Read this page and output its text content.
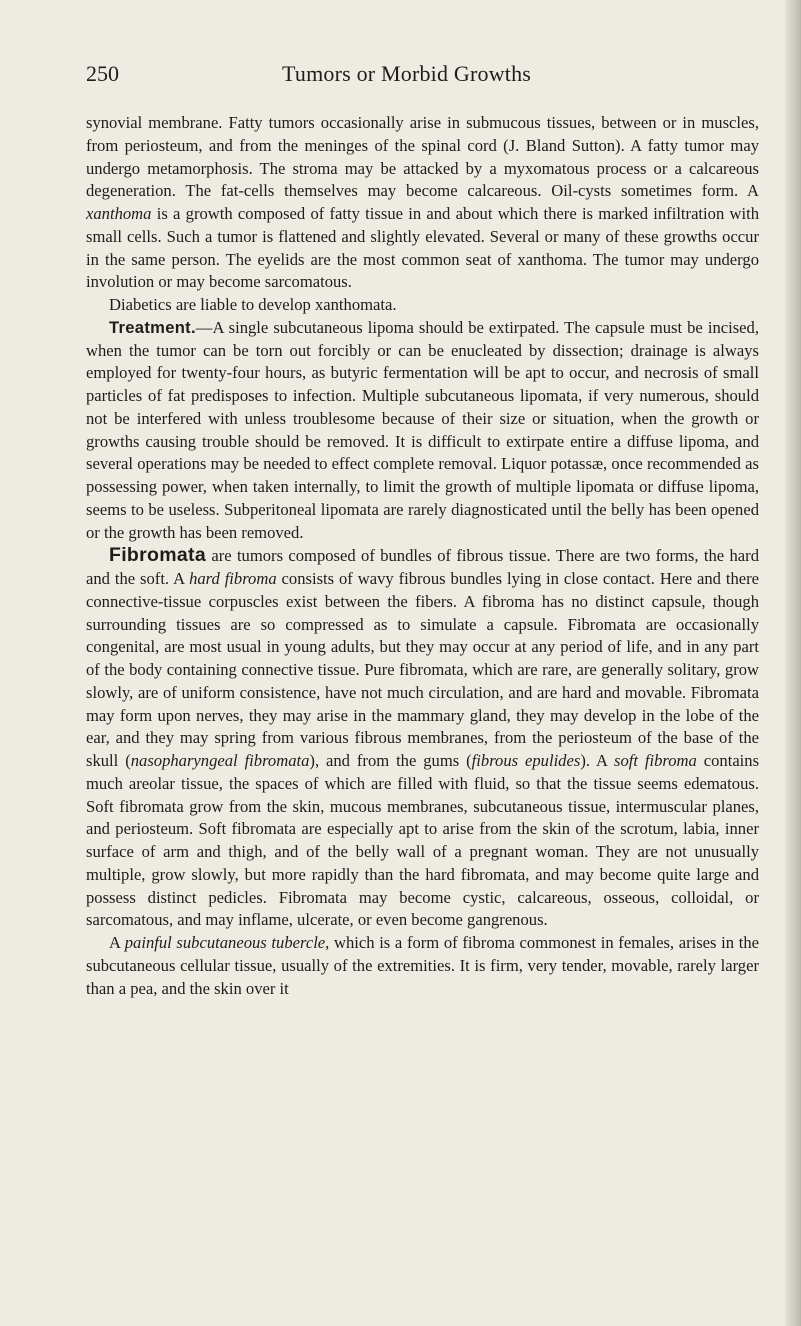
250	Tumors or Morbid Growths

synovial membrane. Fatty tumors occasionally arise in submucous tissues, between or in muscles, from periosteum, and from the meninges of the spinal cord (J. Bland Sutton). A fatty tumor may undergo metamorphosis. The stroma may be attacked by a myxomatous process or a calcareous degeneration. The fat-cells themselves may become calcareous. Oil-cysts sometimes form. A xanthoma is a growth composed of fatty tissue in and about which there is marked infiltration with small cells. Such a tumor is flattened and slightly elevated. Several or many of these growths occur in the same person. The eyelids are the most common seat of xanthoma. The tumor may undergo involution or may become sarcomatous.

Diabetics are liable to develop xanthomata.

Treatment.—A single subcutaneous lipoma should be extirpated. The capsule must be incised, when the tumor can be torn out forcibly or can be enucleated by dissection; drainage is always employed for twenty-four hours, as butyric fermentation will be apt to occur, and necrosis of small particles of fat predisposes to infection. Multiple subcutaneous lipomata, if very numerous, should not be interfered with unless troublesome because of their size or situation, when the growth or growths causing trouble should be removed. It is difficult to extirpate entire a diffuse lipoma, and several operations may be needed to effect complete removal. Liquor potassæ, once recommended as possessing power, when taken internally, to limit the growth of multiple lipomata or diffuse lipoma, seems to be useless. Subperitoneal lipomata are rarely diagnosticated until the belly has been opened or the growth has been removed.

Fibromata are tumors composed of bundles of fibrous tissue. There are two forms, the hard and the soft. A hard fibroma consists of wavy fibrous bundles lying in close contact. Here and there connective-tissue corpuscles exist between the fibers. A fibroma has no distinct capsule, though surrounding tissues are so compressed as to simulate a capsule. Fibromata are occasionally congenital, are most usual in young adults, but they may occur at any period of life, and in any part of the body containing connective tissue. Pure fibromata, which are rare, are generally solitary, grow slowly, are of uniform consistence, have not much circulation, and are hard and movable. Fibromata may form upon nerves, they may arise in the mammary gland, they may develop in the lobe of the ear, and they may spring from various fibrous membranes, from the periosteum of the base of the skull (nasopharyngeal fibromata), and from the gums (fibrous epulides). A soft fibroma contains much areolar tissue, the spaces of which are filled with fluid, so that the tissue seems edematous. Soft fibromata grow from the skin, mucous membranes, subcutaneous tissue, intermuscular planes, and periosteum. Soft fibromata are especially apt to arise from the skin of the scrotum, labia, inner surface of arm and thigh, and of the belly wall of a pregnant woman. They are not unusually multiple, grow slowly, but more rapidly than the hard fibromata, and may become quite large and possess distinct pedicles. Fibromata may become cystic, calcareous, osseous, colloidal, or sarcomatous, and may inflame, ulcerate, or even become gangrenous.

A painful subcutaneous tubercle, which is a form of fibroma commonest in females, arises in the subcutaneous cellular tissue, usually of the extremities. It is firm, very tender, movable, rarely larger than a pea, and the skin over it
